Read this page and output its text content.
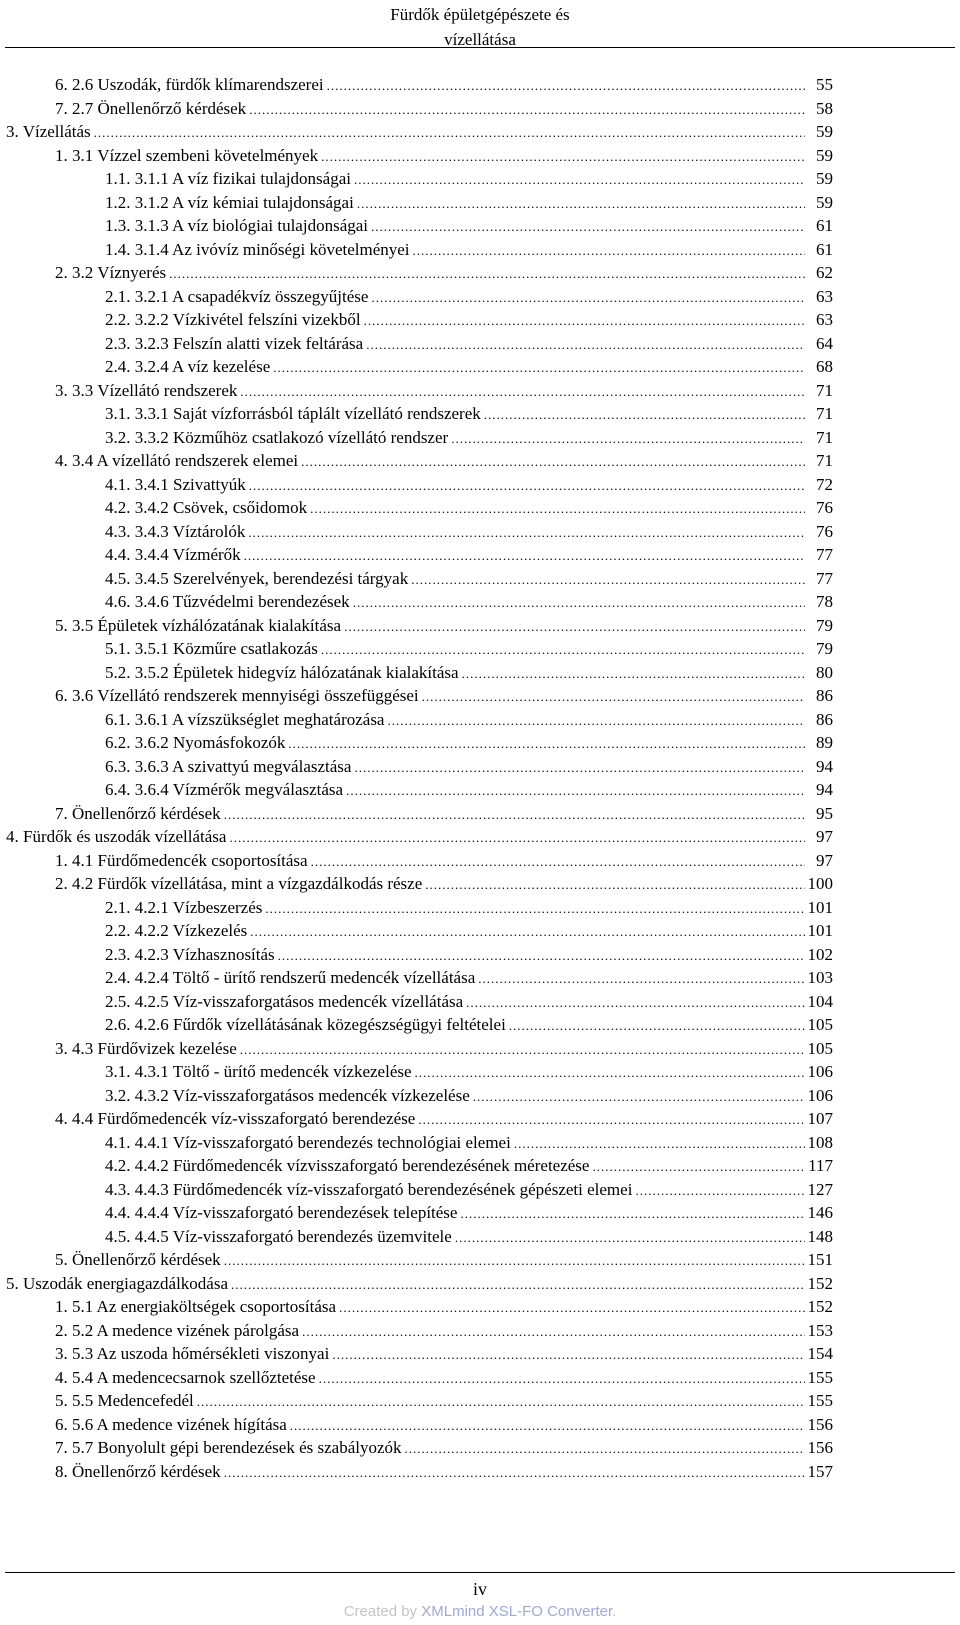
Fürdők épületgépészete és
vízellátása
6. 2.6 Uszodák, fürdők klímarendszerei .....	55
7. 2.7 Önellenőrző kérdések .....	58
3. Vízellátás .....	59
1. 3.1 Vízzel szembeni követelmények .....	59
1.1. 3.1.1 A víz fizikai tulajdonságai .....	59
1.2. 3.1.2 A víz kémiai tulajdonságai .....	59
1.3. 3.1.3 A víz biológiai tulajdonságai .....	61
1.4. 3.1.4 Az ivóvíz minőségi követelményei .....	61
2. 3.2 Víznyerés .....	62
2.1. 3.2.1 A csapadékvíz összegyűjtése .....	63
2.2. 3.2.2 Vízkivétel felszíni vizekből .....	63
2.3. 3.2.3 Felszín alatti vizek feltárása .....	64
2.4. 3.2.4 A víz kezelése .....	68
3. 3.3 Vízellátó rendszerek .....	71
3.1. 3.3.1 Saját vízforrásból táplált vízellátó rendszerek .....	71
3.2. 3.3.2 Közműhöz csatlakozó vízellátó rendszer .....	71
4. 3.4 A vízellátó rendszerek elemei .....	71
4.1. 3.4.1 Szivattyúk .....	72
4.2. 3.4.2 Csövek, csőidomok .....	76
4.3. 3.4.3 Víztárolók .....	76
4.4. 3.4.4 Vízmérők .....	77
4.5. 3.4.5 Szerelvények, berendezési tárgyak .....	77
4.6. 3.4.6 Tűzvédelmi berendezések .....	78
5. 3.5 Épületek vízhálózatának kialakítása .....	79
5.1. 3.5.1 Közműre csatlakozás .....	79
5.2. 3.5.2 Épületek hidegvíz hálózatának kialakítása .....	80
6. 3.6 Vízellátó rendszerek mennyiségi összefüggései .....	86
6.1. 3.6.1 A vízszükséglet meghatározása .....	86
6.2. 3.6.2 Nyomásfokozók .....	89
6.3. 3.6.3 A szivattyú megválasztása .....	94
6.4. 3.6.4 Vízmérők megválasztása .....	94
7. Önellenőrző kérdések .....	95
4. Fürdők és uszodák vízellátása .....	97
1. 4.1 Fürdőmedencék csoportosítása .....	97
2. 4.2 Fürdők vízellátása, mint a vízgazdálkodás része .....	100
2.1. 4.2.1 Vízbeszerzés .....	101
2.2. 4.2.2 Vízkezelés .....	101
2.3. 4.2.3 Vízhasznosítás .....	102
2.4. 4.2.4 Töltő - ürítő rendszerű medencék vízellátása .....	103
2.5. 4.2.5 Víz-visszaforgatásos medencék vízellátása .....	104
2.6. 4.2.6 Fűrdők vízellátásának közegészségügyi feltételei .....	105
3. 4.3 Fürdővizek kezelése .....	105
3.1. 4.3.1 Töltő - ürítő medencék vízkezelése .....	106
3.2. 4.3.2 Víz-visszaforgatásos medencék vízkezelése .....	106
4. 4.4 Fürdőmedencék víz-visszaforgató berendezése .....	107
4.1. 4.4.1 Víz-visszaforgató berendezés technológiai elemei .....	108
4.2. 4.4.2 Fürdőmedencék vízvisszaforgató berendezésének méretezése .....	117
4.3. 4.4.3 Fürdőmedencék víz-visszaforgató berendezésének gépészeti elemei .....	127
4.4. 4.4.4 Víz-visszaforgató berendezések telepítése .....	146
4.5. 4.4.5 Víz-visszaforgató berendezés üzemvitele .....	148
5. Önellenőrző kérdések .....	151
5. Uszodák energiagazdálkodása .....	152
1. 5.1 Az energiaköltségek csoportosítása .....	152
2. 5.2 A medence vizének párolgása .....	153
3. 5.3 Az uszoda hőmérsékleti viszonyai .....	154
4. 5.4 A medencecsarnok szellőztetése .....	155
5. 5.5 Medencefedél .....	155
6. 5.6 A medence vizének hígítása .....	156
7. 5.7 Bonyolult gépi berendezések és szabályozók .....	156
8. Önellenőrző kérdések .....	157
iv
Created by XMLmind XSL-FO Converter.
